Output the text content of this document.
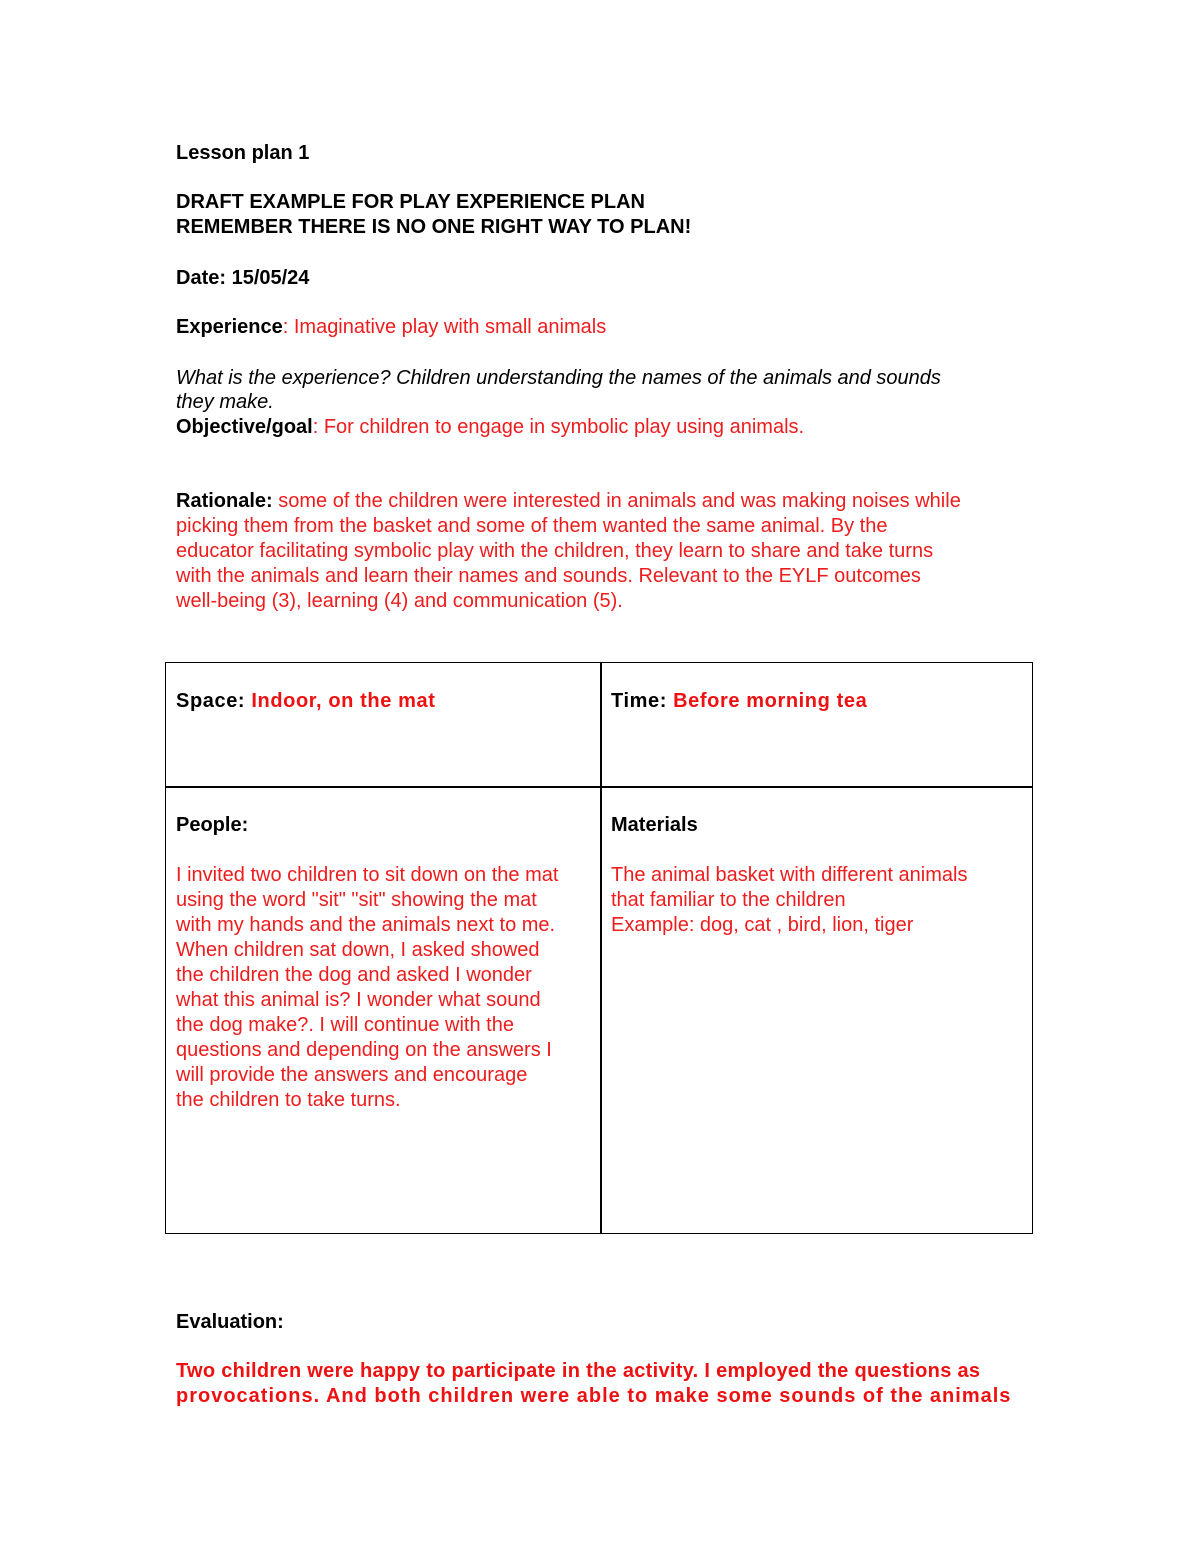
Lesson plan 1

DRAFT EXAMPLE FOR PLAY EXPERIENCE PLAN

REMEMBER THERE IS NO ONE RIGHT WAY TO PLAN!

Date: 15/05/24

Experience: Imaginative play with small animals

What is the experience? Children understanding the names of the animals and sounds

they make.

Objective/goal: For children to engage in symbolic play using animals.

Rationale: some of the children were interested in animals and was making noises while

picking them from the basket and some of them wanted the same animal. By the

educator facilitating symbolic play with the children, they learn to share and take turns

with the animals and learn their names and sounds. Relevant to the EYLF outcomes

well-being (3), learning (4) and communication (5).

Space: Indoor, on the mat	Time: Before morning tea

People:

I invited two children to sit down on the mat

using the word "sit" "sit" showing the mat

with my hands and the animals next to me.

When children sat down, I asked showed

the children the dog and asked I wonder

what this animal is? I wonder what sound

the dog make?. I will continue with the

questions and depending on the answers I

will provide the answers and encourage

the children to take turns.

Materials

The animal basket with different animals

that familiar to the children

Example: dog, cat , bird, lion, tiger

Evaluation:

Two children were happy to participate in the activity. I employed the questions as

provocations. And both children were able to make some sounds of the animals
